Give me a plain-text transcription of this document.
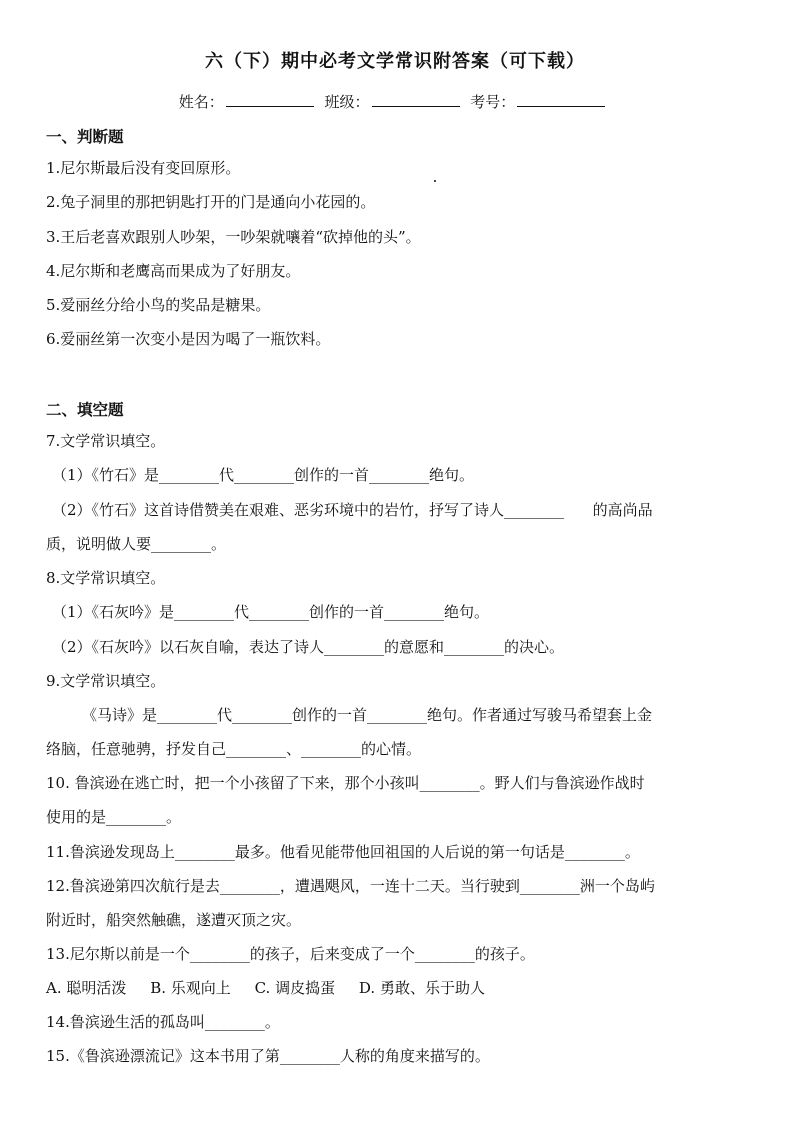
六（下）期中必考文学常识附答案（可下载）
姓名：	班级：	考号：
一、判断题
1.尼尔斯最后没有变回原形。
2.兔子洞里的那把钥匙打开的门是通向小花园的。
3.王后老喜欢跟别人吵架，一吵架就嚷着“砍掉他的头”。
4.尼尔斯和老鹰高而果成为了好朋友。
5.爱丽丝分给小鸟的奖品是糖果。
6.爱丽丝第一次变小是因为喝了一瓶饮料。
二、填空题
7.文学常识填空。
（1）《竹石》是________代________创作的一首________绝句。
（2）《竹石》这首诗借赞美在艰难、恶劣环境中的岩竹，抒写了诗人________      的高尚品
质，说明做人要________。
8.文学常识填空。
（1）《石灰吟》是________代________创作的一首________绝句。
（2）《石灰吟》以石灰自喻，表达了诗人________的意愿和________的决心。
9.文学常识填空。
《马诗》是________代________创作的一首________绝句。作者通过写骏马希望套上金
络脑，任意驰骋，抒发自己________、________的心情。
10. 鲁滨逊在逃亡时，把一个小孩留了下来，那个小孩叫________。野人们与鲁滨逊作战时
使用的是________。
11.鲁滨逊发现岛上________最多。他看见能带他回祖国的人后说的第一句话是________。
12.鲁滨逊第四次航行是去________，遭遇飓风，一连十二天。当行驶到________洲一个岛屿
附近时，船突然触礁，遂遭灭顶之灾。
13.尼尔斯以前是一个________的孩子，后来变成了一个________的孩子。
A. 聪明活泼     B. 乐观向上     C. 调皮捣蛋     D. 勇敢、乐于助人
14.鲁滨逊生活的孤岛叫________。
15.《鲁滨逊漂流记》这本书用了第________人称的角度来描写的。
